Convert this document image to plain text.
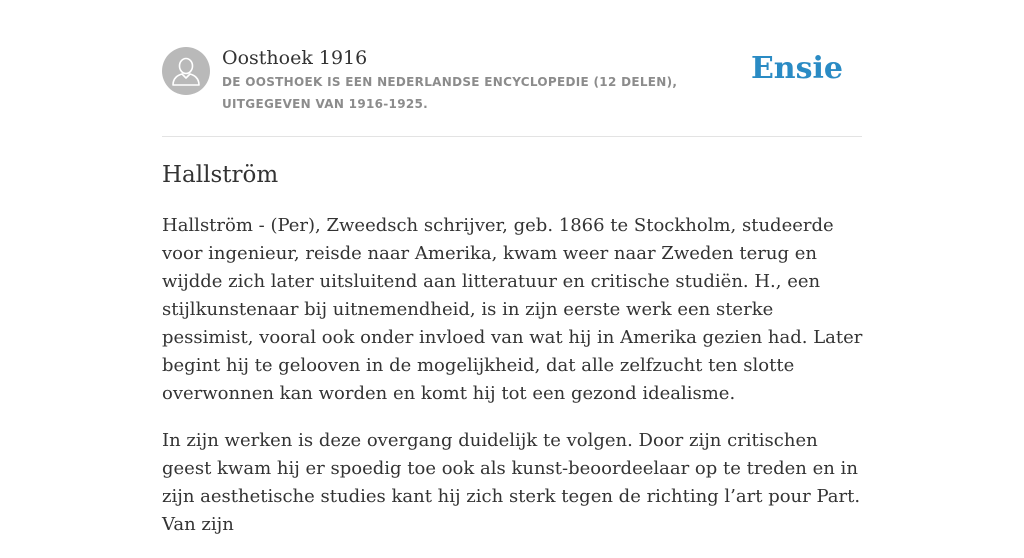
Oosthoek 1916
DE OOSTHOEK IS EEN NEDERLANDSE ENCYCLOPEDIE (12 DELEN), UITGEGEVEN VAN 1916-1925.
Ensie
Hallström

Hallström - (Per), Zweedsch schrijver, geb. 1866 te Stockholm, studeerde voor ingenieur, reisde naar Amerika, kwam weer naar Zweden terug en wijdde zich later uitsluitend aan litteratuur en critische studiën. H., een stijlkunstenaar bij uitnemendheid, is in zijn eerste werk een sterke pessimist, vooral ook onder invloed van wat hij in Amerika gezien had. Later begint hij te gelooven in de mogelijkheid, dat alle zelfzucht ten slotte overwonnen kan worden en komt hij tot een gezond idealisme.

In zijn werken is deze overgang duidelijk te volgen. Door zijn critischen geest kwam hij er spoedig toe ook als kunst-beoordeelaar op te treden en in zijn aesthetische studies kant hij zich sterk tegen de richting l’art pour Part. Van zijn
